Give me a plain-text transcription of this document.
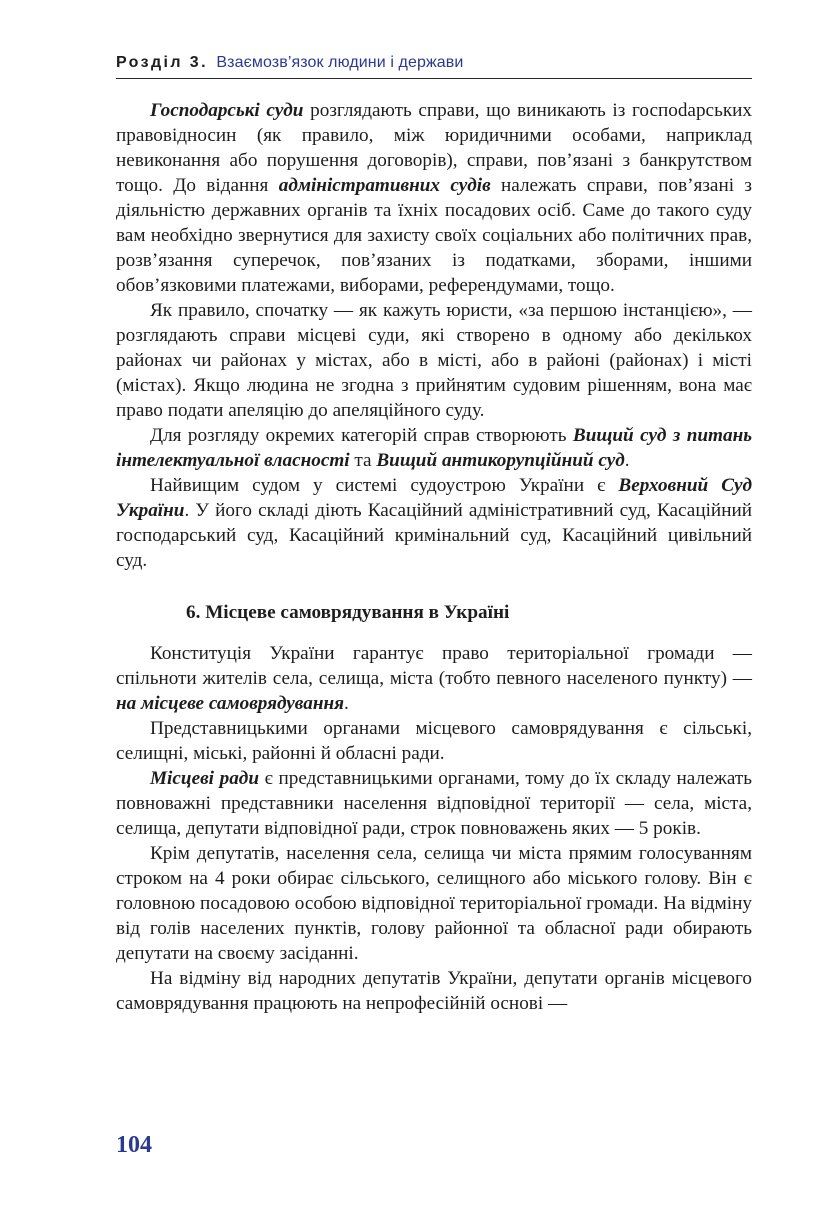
Розділ 3. Взаємозв’язок людини і держави

Господарські суди розглядають справи, що виникають із госпоdарських правовідносин (як правило, між юридичними особами, наприклад невиконання або порушення договорів), справи, пов’язані з банкрутством тощо. До відання адміністративних судів належать справи, пов’язані з діяльністю державних органів та їхніх посадових осіб. Саме до такого суду вам необхідно звернутися для захисту своїх соціальних або політичних прав, розв’язання суперечок, пов’язаних із податками, зборами, іншими обов’язковими платежами, виборами, референдумами, тощо.

Як правило, спочатку — як кажуть юристи, «за першою інстанцією», — розглядають справи місцеві суди, які створено в одному або декількох районах чи районах у містах, або в місті, або в районі (районах) і місті (містах). Якщо людина не згодна з прийнятим судовим рішенням, вона має право подати апеляцію до апеляційного суду.

Для розгляду окремих категорій справ створюють Вищий суд з питань інтелектуальної власності та Вищий антикорупційний суд.

Найвищим судом у системі судоустрою України є Верховний Суд України. У його складі діють Касаційний адміністративний суд, Касаційний господарський суд, Касаційний кримінальний суд, Касаційний цивільний суд.

6. Місцеве самоврядування в Україні

Конституція України гарантує право територіальної громади — спільноти жителів села, селища, міста (тобто певного населеного пункту) — на місцеве самоврядування.

Представницькими органами місцевого самоврядування є сільські, селищні, міські, районні й обласні ради.

Місцеві ради є представницькими органами, тому до їх складу належать повноважні представники населення відповідної території — села, міста, селища, депутати відповідної ради, строк повноважень яких — 5 років.

Крім депутатів, населення села, селища чи міста прямим голосуванням строком на 4 роки обирає сільського, селищного або міського голову. Він є головною посадовою особою відповідної територіальної громади. На відміну від голів населених пунктів, голову районної та обласної ради обирають депутати на своєму засіданні.

На відміну від народних депутатів України, депутати органів місцевого самоврядування працюють на непрофесійній основі —

104
